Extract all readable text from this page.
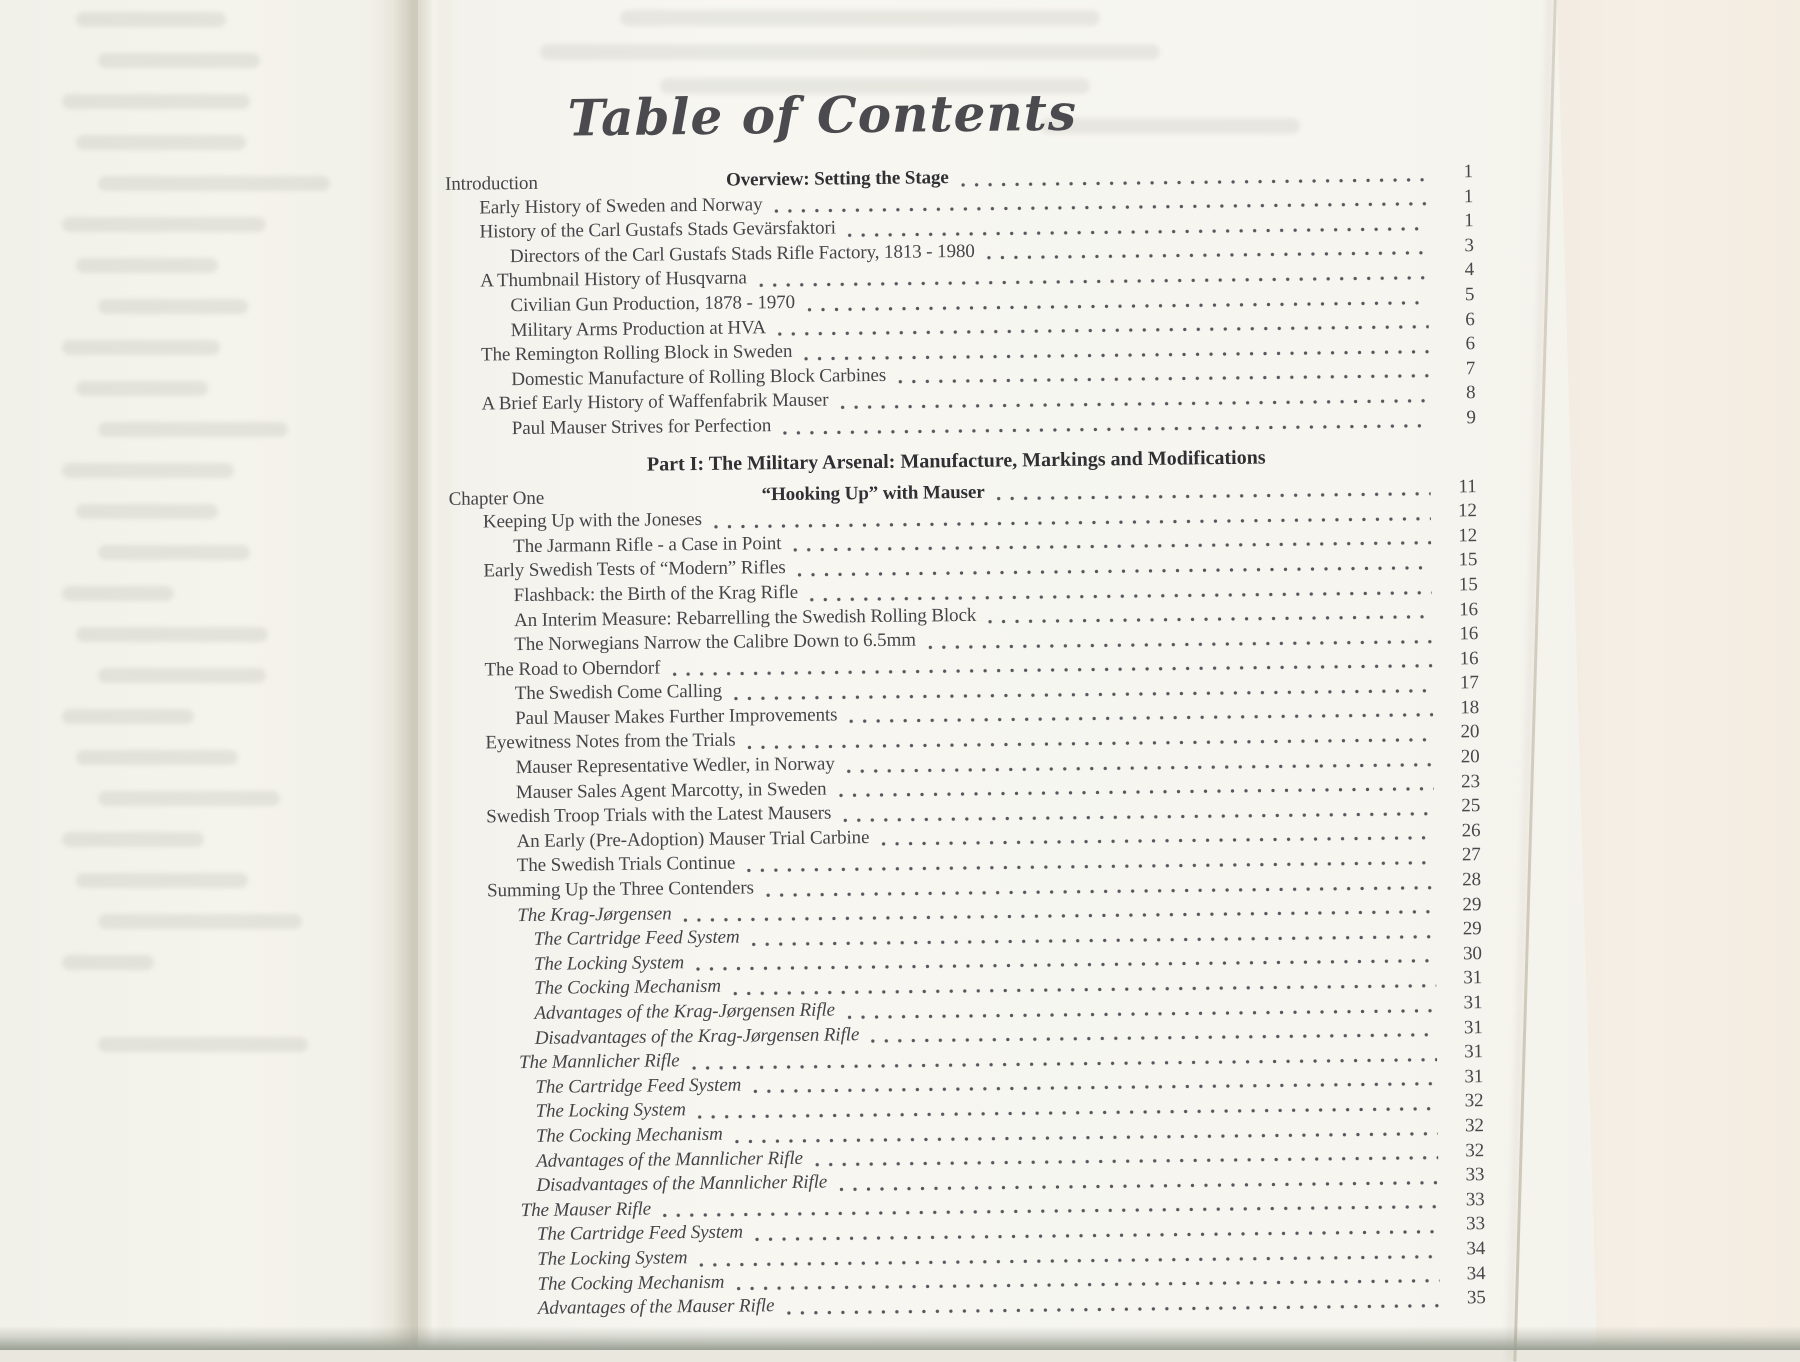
Table of Contents
Introduction	Overview: Setting the Stage	1
Early History of Sweden and Norway	1
History of the Carl Gustafs Stads Gevärsfaktori	1
Directors of the Carl Gustafs Stads Rifle Factory, 1813 - 1980	3
A Thumbnail History of Husqvarna	4
Civilian Gun Production, 1878 - 1970	5
Military Arms Production at HVA	6
The Remington Rolling Block in Sweden	6
Domestic Manufacture of Rolling Block Carbines	7
A Brief Early History of Waffenfabrik Mauser	8
Paul Mauser Strives for Perfection	9
Part I: The Military Arsenal: Manufacture, Markings and Modifications
Chapter One	“Hooking Up” with Mauser	11
Keeping Up with the Joneses	12
The Jarmann Rifle - a Case in Point	12
Early Swedish Tests of “Modern” Rifles	15
Flashback: the Birth of the Krag Rifle	15
An Interim Measure: Rebarrelling the Swedish Rolling Block	16
The Norwegians Narrow the Calibre Down to 6.5mm	16
The Road to Oberndorf	16
The Swedish Come Calling	17
Paul Mauser Makes Further Improvements	18
Eyewitness Notes from the Trials	20
Mauser Representative Wedler, in Norway	20
Mauser Sales Agent Marcotty, in Sweden	23
Swedish Troop Trials with the Latest Mausers	25
An Early (Pre-Adoption) Mauser Trial Carbine	26
The Swedish Trials Continue	27
Summing Up the Three Contenders	28
The Krag-Jørgensen	29
The Cartridge Feed System	29
The Locking System	30
The Cocking Mechanism	31
Advantages of the Krag-Jørgensen Rifle	31
Disadvantages of the Krag-Jørgensen Rifle	31
The Mannlicher Rifle	31
The Cartridge Feed System	31
The Locking System	32
The Cocking Mechanism	32
Advantages of the Mannlicher Rifle	32
Disadvantages of the Mannlicher Rifle	33
The Mauser Rifle	33
The Cartridge Feed System	33
The Locking System	34
The Cocking Mechanism	34
Advantages of the Mauser Rifle	35
